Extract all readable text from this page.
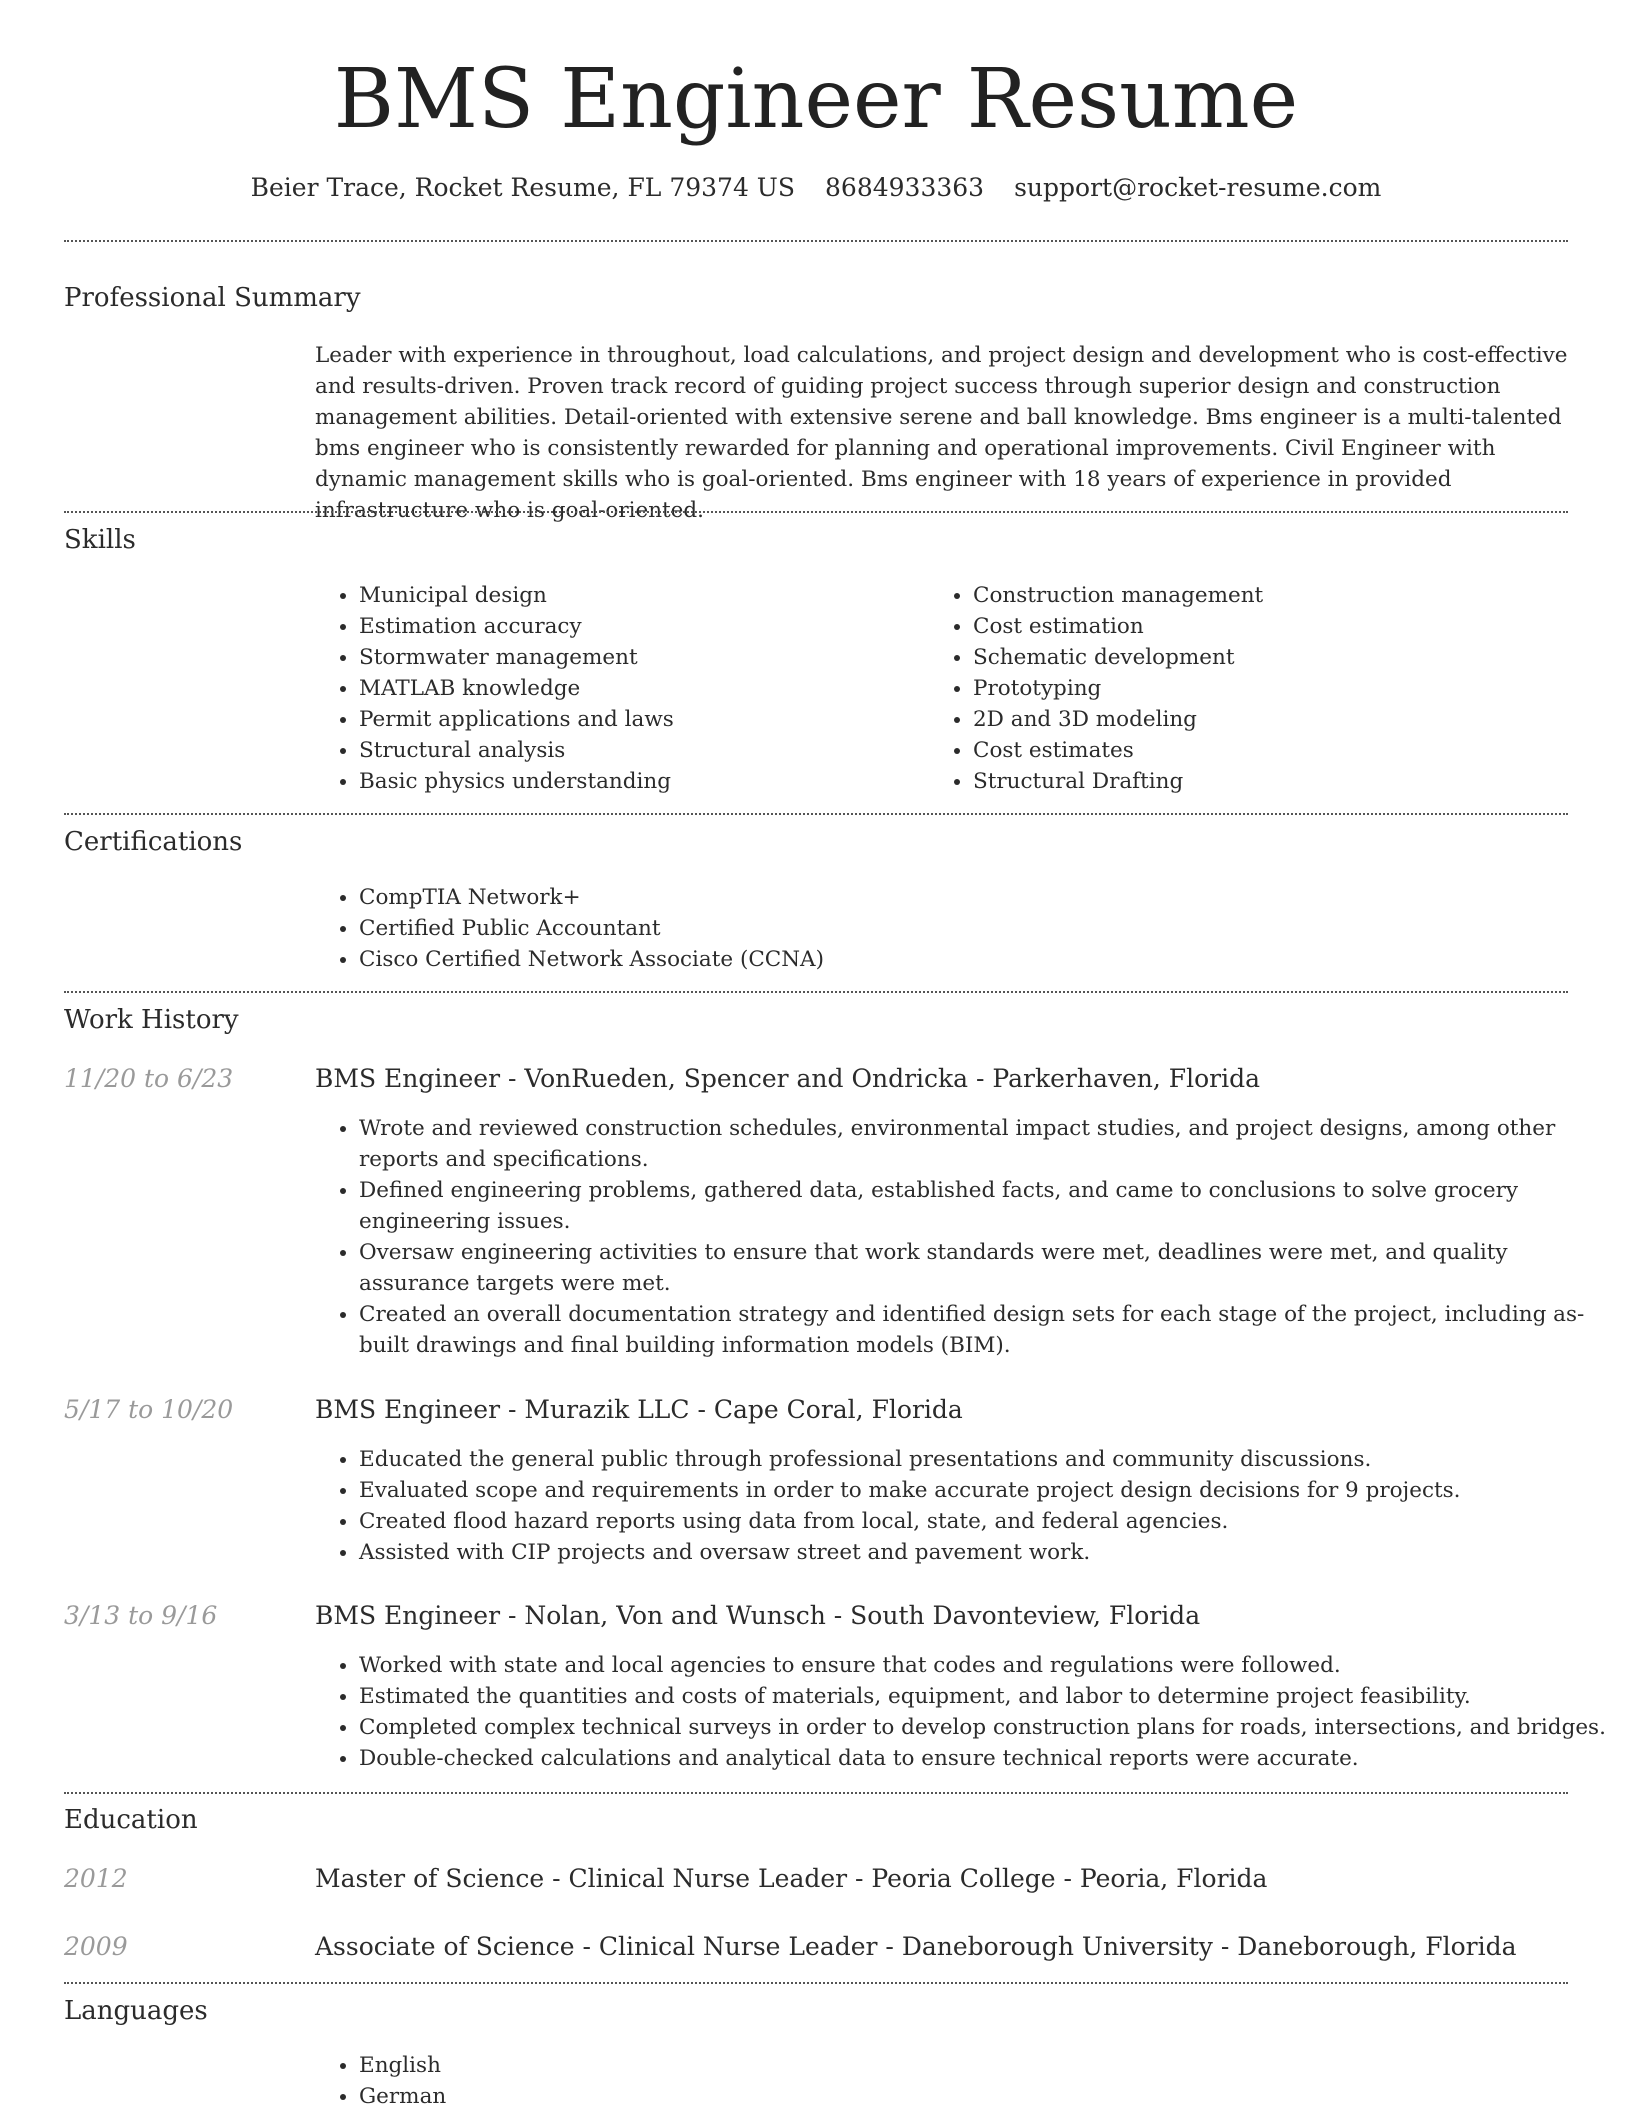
BMS Engineer Resume
Beier Trace, Rocket Resume, FL 79374 US 8684933363 support@rocket-resume.com
Professional Summary
Leader with experience in throughout, load calculations, and project design and development who is cost-effective and results-driven. Proven track record of guiding project success through superior design and construction management abilities. Detail-oriented with extensive serene and ball knowledge. Bms engineer is a multi-talented bms engineer who is consistently rewarded for planning and operational improvements. Civil Engineer with dynamic management skills who is goal-oriented. Bms engineer with 18 years of experience in provided infrastructure who is goal-oriented.
Skills
• Municipal design
• Estimation accuracy
• Stormwater management
• MATLAB knowledge
• Permit applications and laws
• Structural analysis
• Basic physics understanding
• Construction management
• Cost estimation
• Schematic development
• Prototyping
• 2D and 3D modeling
• Cost estimates
• Structural Drafting
Certifications
• CompTIA Network+
• Certified Public Accountant
• Cisco Certified Network Associate (CCNA)
Work History
11/20 to 6/23	BMS Engineer - VonRueden, Spencer and Ondricka - Parkerhaven, Florida
• Wrote and reviewed construction schedules, environmental impact studies, and project designs, among other reports and specifications.
• Defined engineering problems, gathered data, established facts, and came to conclusions to solve grocery engineering issues.
• Oversaw engineering activities to ensure that work standards were met, deadlines were met, and quality assurance targets were met.
• Created an overall documentation strategy and identified design sets for each stage of the project, including as-built drawings and final building information models (BIM).
5/17 to 10/20	BMS Engineer - Murazik LLC - Cape Coral, Florida
• Educated the general public through professional presentations and community discussions.
• Evaluated scope and requirements in order to make accurate project design decisions for 9 projects.
• Created flood hazard reports using data from local, state, and federal agencies.
• Assisted with CIP projects and oversaw street and pavement work.
3/13 to 9/16	BMS Engineer - Nolan, Von and Wunsch - South Davonteview, Florida
• Worked with state and local agencies to ensure that codes and regulations were followed.
• Estimated the quantities and costs of materials, equipment, and labor to determine project feasibility.
• Completed complex technical surveys in order to develop construction plans for roads, intersections, and bridges.
• Double-checked calculations and analytical data to ensure technical reports were accurate.
Education
2012	Master of Science - Clinical Nurse Leader - Peoria College - Peoria, Florida
2009	Associate of Science - Clinical Nurse Leader - Daneborough University - Daneborough, Florida
Languages
• English
• German
